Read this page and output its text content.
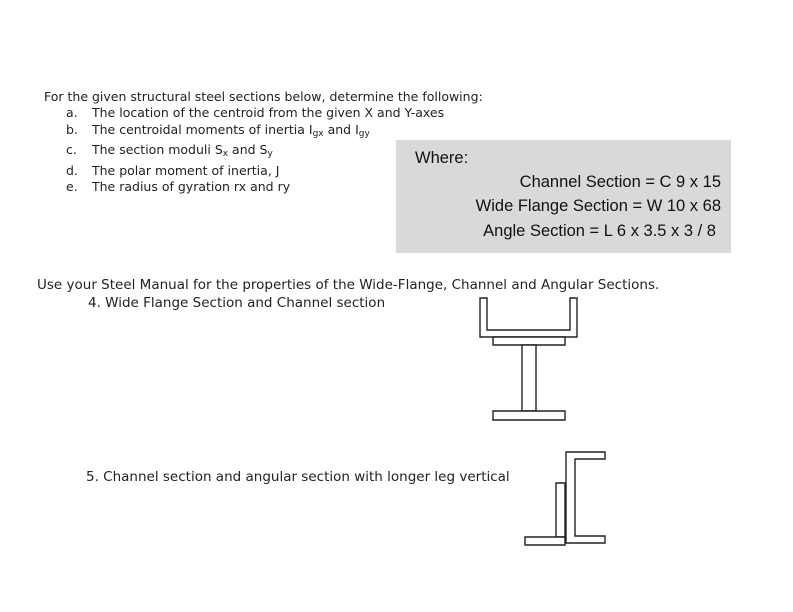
For the given structural steel sections below, determine the following:
a. The location of the centroid from the given X and Y-axes
b. The centroidal moments of inertia Igx and Igy
c. The section moduli Sx and Sy
d. The polar moment of inertia, J
e. The radius of gyration rx and ry
Where:
Channel Section = C 9 x 15
Wide Flange Section = W 10 x 68
Angle Section = L 6 x 3.5 x 3 / 8
Use your Steel Manual for the properties of the Wide-Flange, Channel and Angular Sections.
4. Wide Flange Section and Channel section
5. Channel section and angular section with longer leg vertical
